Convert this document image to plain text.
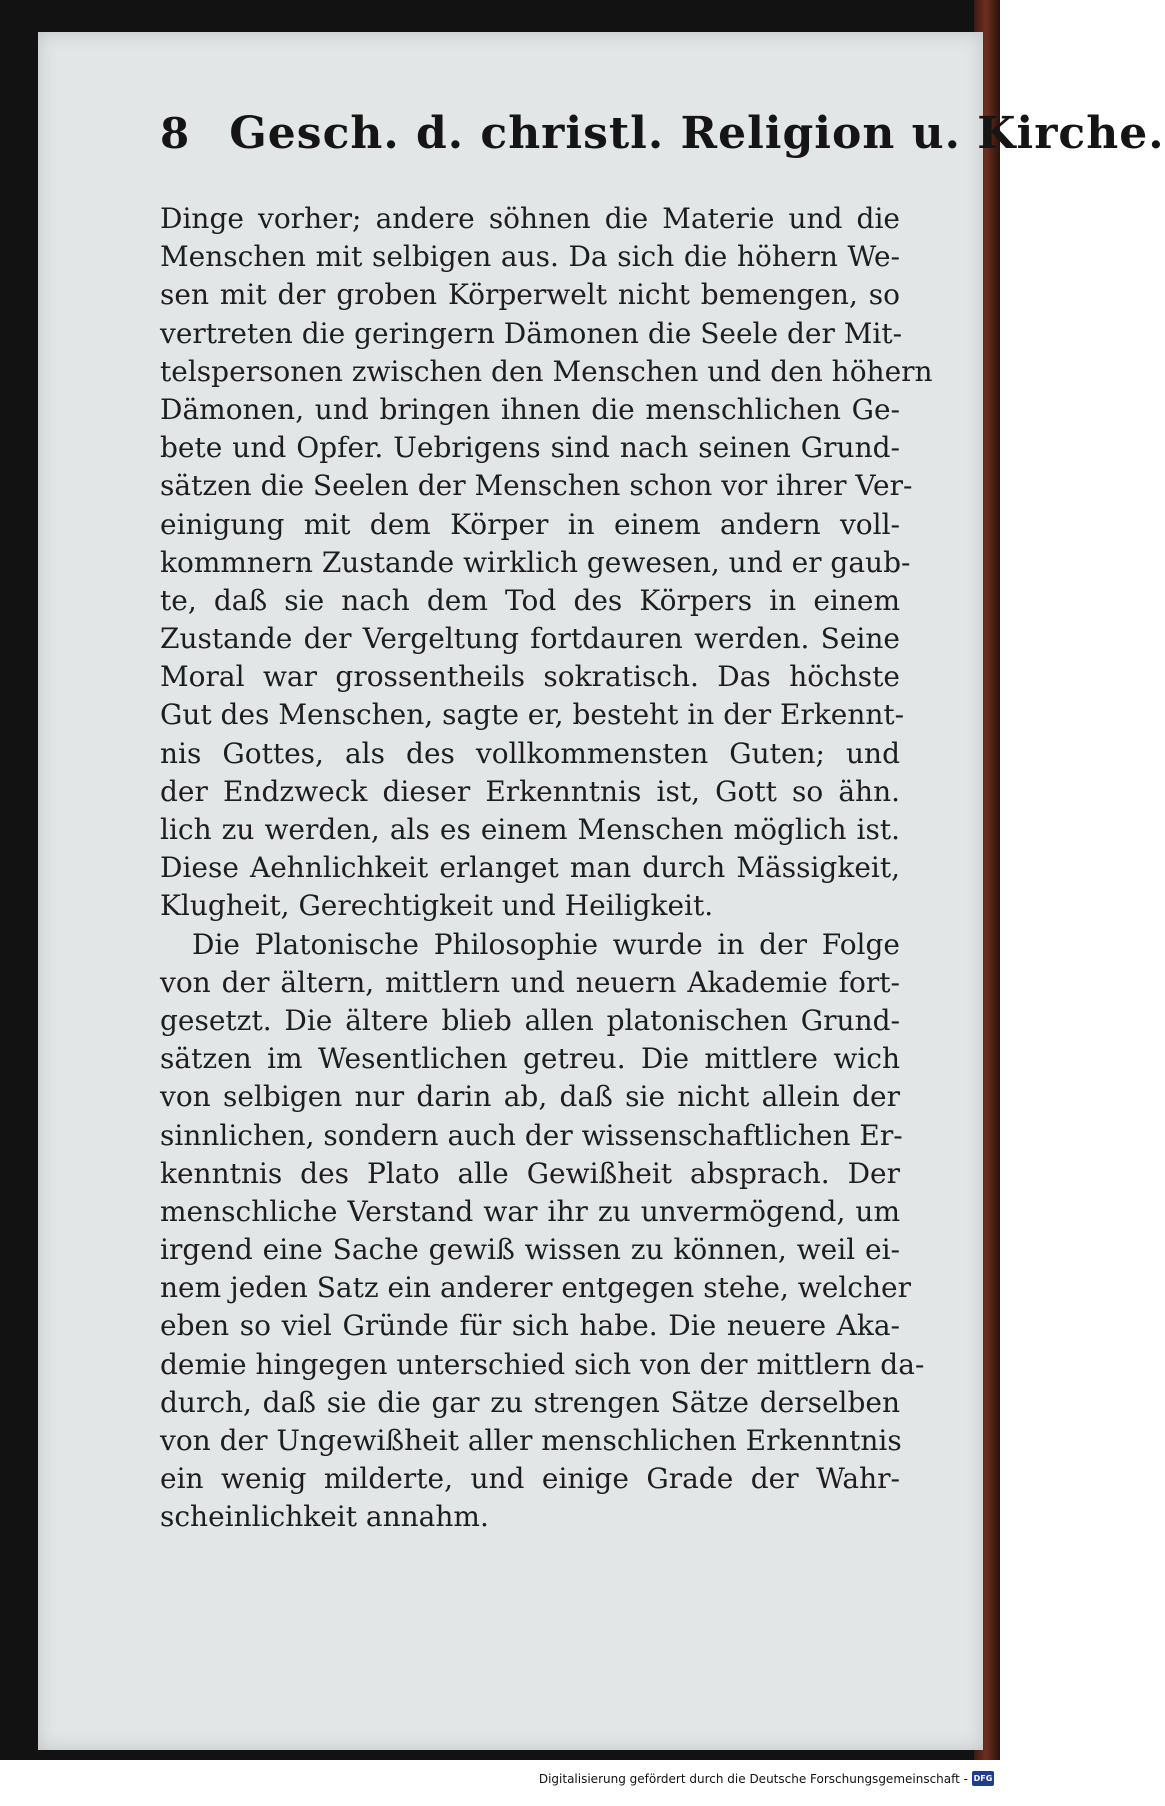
8 Gesch. d. christl. Religion u. Kirche.
Dinge vorher; andere söhnen die Materie und die
Menschen mit selbigen aus. Da sich die höhern We-
sen mit der groben Körperwelt nicht bemengen, so
vertreten die geringern Dämonen die Seele der Mit-
telspersonen zwischen den Menschen und den höhern
Dämonen, und bringen ihnen die menschlichen Ge-
bete und Opfer. Uebrigens sind nach seinen Grund-
sätzen die Seelen der Menschen schon vor ihrer Ver-
einigung mit dem Körper in einem andern voll-
kommnern Zustande wirklich gewesen, und er gaub-
te, daß sie nach dem Tod des Körpers in einem
Zustande der Vergeltung fortdauren werden. Seine
Moral war grossentheils sokratisch. Das höchste
Gut des Menschen, sagte er, besteht in der Erkennt-
nis Gottes, als des vollkommensten Guten; und
der Endzweck dieser Erkenntnis ist, Gott so ähn.
lich zu werden, als es einem Menschen möglich ist.
Diese Aehnlichkeit erlanget man durch Mässigkeit,
Klugheit, Gerechtigkeit und Heiligkeit.
Die Platonische Philosophie wurde in der Folge
von der ältern, mittlern und neuern Akademie fort-
gesetzt. Die ältere blieb allen platonischen Grund-
sätzen im Wesentlichen getreu. Die mittlere wich
von selbigen nur darin ab, daß sie nicht allein der
sinnlichen, sondern auch der wissenschaftlichen Er-
kenntnis des Plato alle Gewißheit absprach. Der
menschliche Verstand war ihr zu unvermögend, um
irgend eine Sache gewiß wissen zu können, weil ei-
nem jeden Satz ein anderer entgegen stehe, welcher
eben so viel Gründe für sich habe. Die neuere Aka-
demie hingegen unterschied sich von der mittlern da-
durch, daß sie die gar zu strengen Sätze derselben
von der Ungewißheit aller menschlichen Erkenntnis
ein wenig milderte, und einige Grade der Wahr-
scheinlichkeit annahm.
Digitalisierung gefördert durch die Deutsche Forschungsgemeinschaft - DFG
